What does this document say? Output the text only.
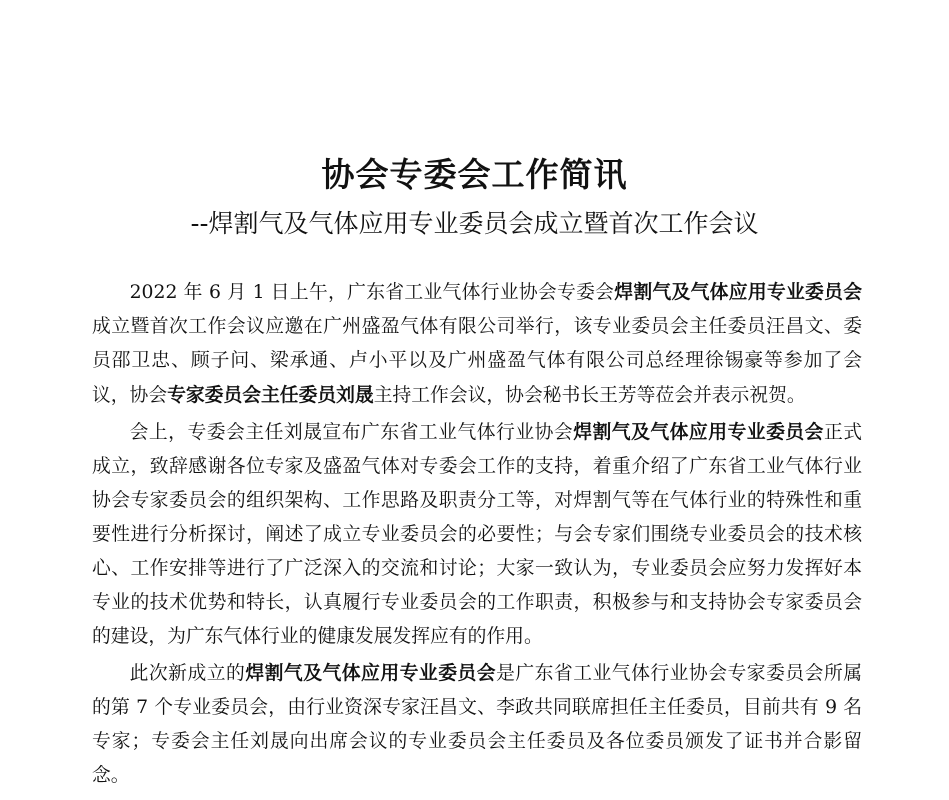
协会专委会工作简讯
--焊割气及气体应用专业委员会成立暨首次工作会议

2022 年 6 月 1 日上午，广东省工业气体行业协会专委会焊割气及气体应用专业委员会成立暨首次工作会议应邀在广州盛盈气体有限公司举行，该专业委员会主任委员汪昌文、委员邵卫忠、顾子问、梁承通、卢小平以及广州盛盈气体有限公司总经理徐锡豪等参加了会议，协会专家委员会主任委员刘晟主持工作会议，协会秘书长王芳等莅会并表示祝贺。

会上，专委会主任刘晟宣布广东省工业气体行业协会焊割气及气体应用专业委员会正式成立，致辞感谢各位专家及盛盈气体对专委会工作的支持，着重介绍了广东省工业气体行业协会专家委员会的组织架构、工作思路及职责分工等，对焊割气等在气体行业的特殊性和重要性进行分析探讨，阐述了成立专业委员会的必要性；与会专家们围绕专业委员会的技术核心、工作安排等进行了广泛深入的交流和讨论；大家一致认为，专业委员会应努力发挥好本专业的技术优势和特长，认真履行专业委员会的工作职责，积极参与和支持协会专家委员会的建设，为广东气体行业的健康发展发挥应有的作用。

此次新成立的焊割气及气体应用专业委员会是广东省工业气体行业协会专家委员会所属的第 7 个专业委员会，由行业资深专家汪昌文、李政共同联席担任主任委员，目前共有 9 名专家；专委会主任刘晟向出席会议的专业委员会主任委员及各位委员颁发了证书并合影留念。
